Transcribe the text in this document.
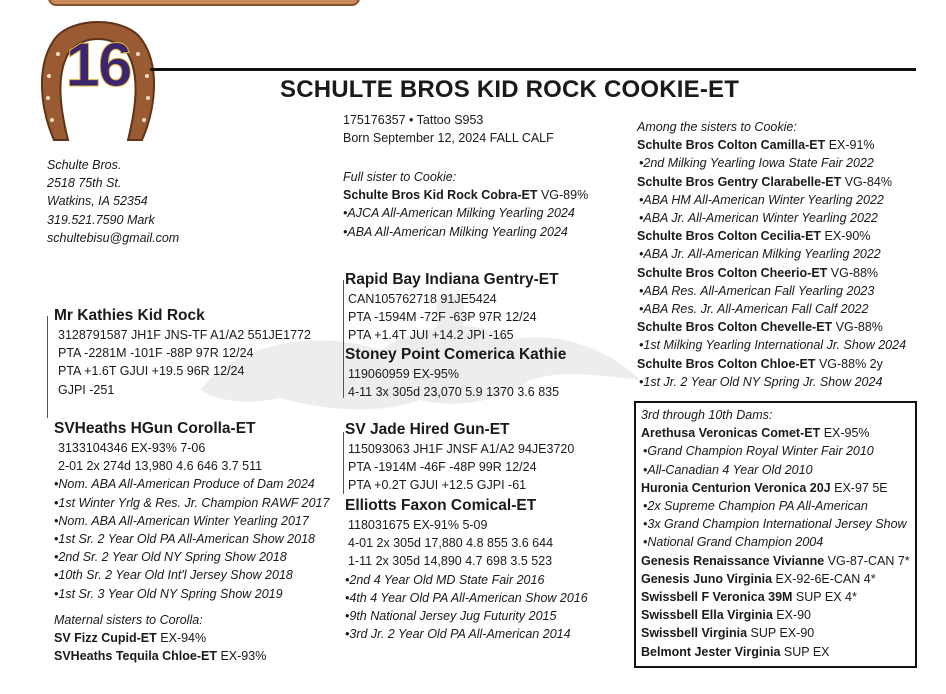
16	SCHULTE BROS KID ROCK COOKIE-ET
Schulte Bros.
2518 75th St.
Watkins, IA 52354
319.521.7590 Mark
schultebisu@gmail.com
175176357 • Tattoo S953
Born September 12, 2024 FALL CALF
Full sister to Cookie:
Schulte Bros Kid Rock Cobra-ET VG-89%
•AJCA All-American Milking Yearling 2024
•ABA All-American Milking Yearling 2024
Mr Kathies Kid Rock
3128791587 JH1F JNS-TF A1/A2 551JE1772
PTA -2281M -101F -88P 97R 12/24
PTA +1.6T GJUI +19.5 96R 12/24
GJPI -251
SVHeaths HGun Corolla-ET
3133104346 EX-93% 7-06
2-01 2x 274d 13,980 4.6 646 3.7 511
•Nom. ABA All-American Produce of Dam 2024
•1st Winter Yrlg & Res. Jr. Champion RAWF 2017
•Nom. ABA All-American Winter Yearling 2017
•1st Sr. 2 Year Old PA All-American Show 2018
•2nd Sr. 2 Year Old NY Spring Show 2018
•10th Sr. 2 Year Old Int'l Jersey Show 2018
•1st Sr. 3 Year Old NY Spring Show 2019
Maternal sisters to Corolla:
SV Fizz Cupid-ET EX-94%
SVHeaths Tequila Chloe-ET EX-93%
Rapid Bay Indiana Gentry-ET
CAN105762718 91JE5424
PTA -1594M -72F -63P 97R 12/24
PTA +1.4T JUI +14.2 JPI -165
Stoney Point Comerica Kathie
119060959 EX-95%
4-11 3x 305d 23,070 5.9 1370 3.6 835
SV Jade Hired Gun-ET
115093063 JH1F JNSF A1/A2 94JE3720
PTA -1914M -46F -48P 99R 12/24
PTA +0.2T GJUI +12.5 GJPI -61
Elliotts Faxon Comical-ET
118031675 EX-91% 5-09
4-01 2x 305d 17,880 4.8 855 3.6 644
1-11 2x 305d 14,890 4.7 698 3.5 523
•2nd 4 Year Old MD State Fair 2016
•4th 4 Year Old PA All-American Show 2016
•9th National Jersey Jug Futurity 2015
•3rd Jr. 2 Year Old PA All-American 2014
Among the sisters to Cookie:
Schulte Bros Colton Camilla-ET EX-91%
•2nd Milking Yearling Iowa State Fair 2022
Schulte Bros Gentry Clarabelle-ET VG-84%
•ABA HM All-American Winter Yearling 2022
•ABA Jr. All-American Winter Yearling 2022
Schulte Bros Colton Cecilia-ET EX-90%
•ABA Jr. All-American Milking Yearling 2022
Schulte Bros Colton Cheerio-ET VG-88%
•ABA Res. All-American Fall Yearling 2023
•ABA Res. Jr. All-American Fall Calf 2022
Schulte Bros Colton Chevelle-ET VG-88%
•1st Milking Yearling International Jr. Show 2024
Schulte Bros Colton Chloe-ET VG-88% 2y
•1st Jr. 2 Year Old NY Spring Jr. Show 2024
3rd through 10th Dams:
Arethusa Veronicas Comet-ET EX-95%
•Grand Champion Royal Winter Fair 2010
•All-Canadian 4 Year Old 2010
Huronia Centurion Veronica 20J EX-97 5E
•2x Supreme Champion PA All-American
•3x Grand Champion International Jersey Show
•National Grand Champion 2004
Genesis Renaissance Vivianne VG-87-CAN 7*
Genesis Juno Virginia EX-92-6E-CAN 4*
Swissbell F Veronica 39M SUP EX 4*
Swissbell Ella Virginia EX-90
Swissbell Virginia SUP EX-90
Belmont Jester Virginia SUP EX
